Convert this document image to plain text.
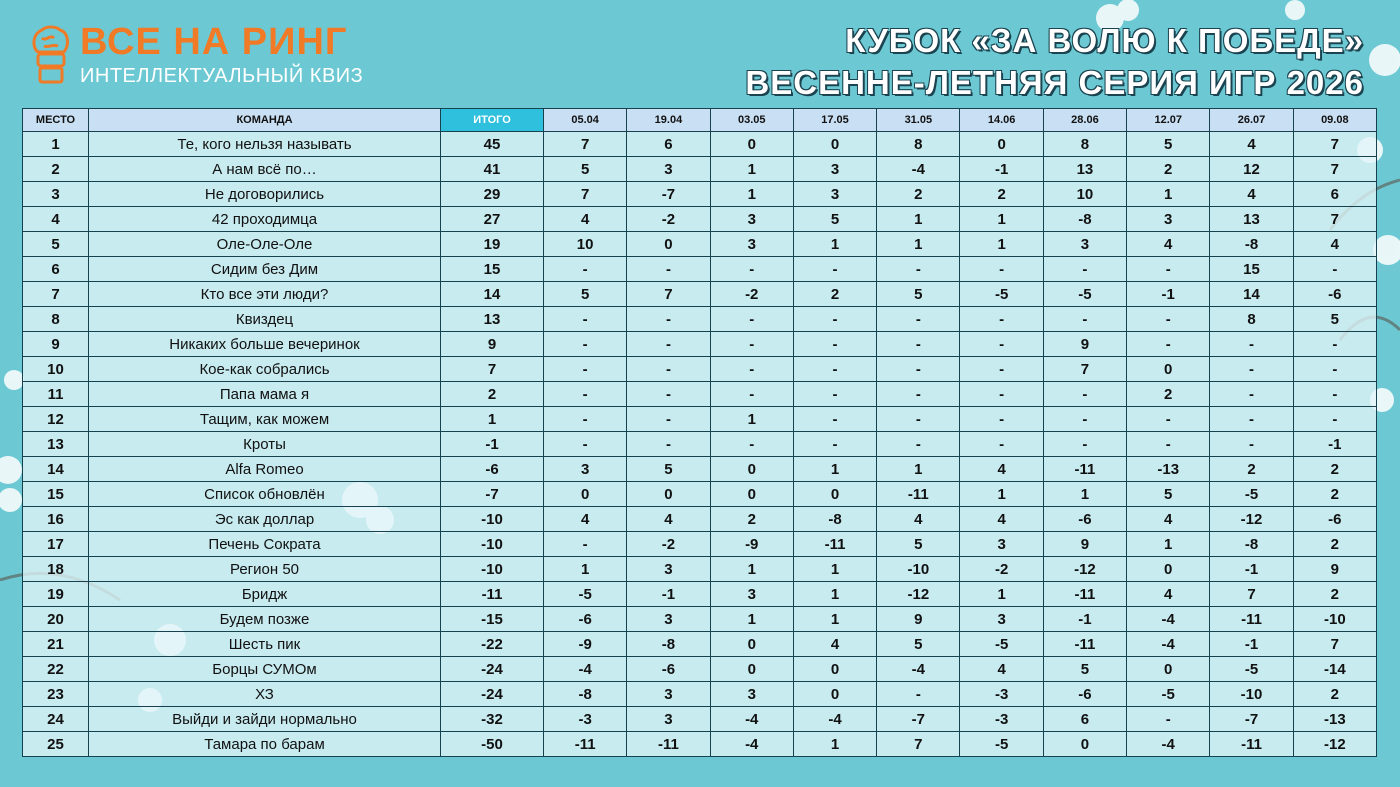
ВСЕ НА РИНГ
ИНТЕЛЛЕКТУАЛЬНЫЙ КВИЗ
КУБОК «ЗА ВОЛЮ К ПОБЕДЕ»
ВЕСЕННЕ-ЛЕТНЯЯ СЕРИЯ ИГР 2026
МЕСТО	КОМАНДА	ИТОГО	05.04	19.04	03.05	17.05	31.05	14.06	28.06	12.07	26.07	09.08
1	Те, кого нельзя называть	45	7	6	0	0	8	0	8	5	4	7
2	А нам всё по…	41	5	3	1	3	-4	-1	13	2	12	7
3	Не договорились	29	7	-7	1	3	2	2	10	1	4	6
4	42 проходимца	27	4	-2	3	5	1	1	-8	3	13	7
5	Оле-Оле-Оле	19	10	0	3	1	1	1	3	4	-8	4
6	Сидим без Дим	15	-	-	-	-	-	-	-	-	15	-
7	Кто все эти люди?	14	5	7	-2	2	5	-5	-5	-1	14	-6
8	Квиздец	13	-	-	-	-	-	-	-	-	8	5
9	Никаких больше вечеринок	9	-	-	-	-	-	-	9	-	-	-
10	Кое-как собрались	7	-	-	-	-	-	-	7	0	-	-
11	Папа мама я	2	-	-	-	-	-	-	-	2	-	-
12	Тащим, как можем	1	-	-	1	-	-	-	-	-	-	-
13	Кроты	-1	-	-	-	-	-	-	-	-	-	-1
14	Alfa Romeo	-6	3	5	0	1	1	4	-11	-13	2	2
15	Список обновлён	-7	0	0	0	0	-11	1	1	5	-5	2
16	Эс как доллар	-10	4	4	2	-8	4	4	-6	4	-12	-6
17	Печень Сократа	-10	-	-2	-9	-11	5	3	9	1	-8	2
18	Регион 50	-10	1	3	1	1	-10	-2	-12	0	-1	9
19	Бридж	-11	-5	-1	3	1	-12	1	-11	4	7	2
20	Будем позже	-15	-6	3	1	1	9	3	-1	-4	-11	-10
21	Шесть пик	-22	-9	-8	0	4	5	-5	-11	-4	-1	7
22	Борцы СУМОм	-24	-4	-6	0	0	-4	4	5	0	-5	-14
23	ХЗ	-24	-8	3	3	0	-	-3	-6	-5	-10	2
24	Выйди и зайди нормально	-32	-3	3	-4	-4	-7	-3	6	-	-7	-13
25	Тамара по барам	-50	-11	-11	-4	1	7	-5	0	-4	-11	-12
